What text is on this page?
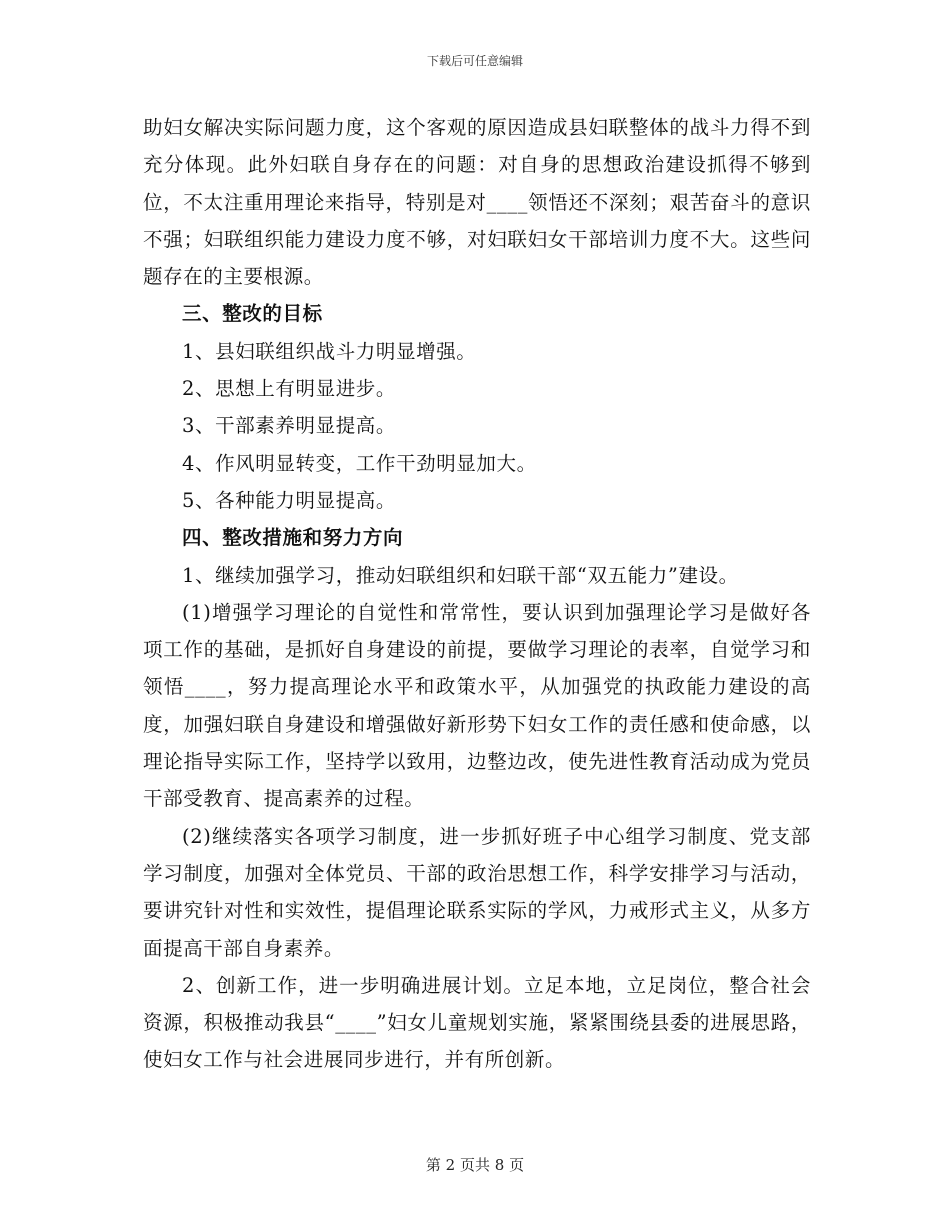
下载后可任意编辑

助妇女解决实际问题力度，这个客观的原因造成县妇联整体的战斗力得不到充分体现。此外妇联自身存在的问题：对自身的思想政治建设抓得不够到位，不太注重用理论来指导，特别是对____领悟还不深刻；艰苦奋斗的意识不强；妇联组织能力建设力度不够，对妇联妇女干部培训力度不大。这些问题存在的主要根源。

三、整改的目标

1、县妇联组织战斗力明显增强。

2、思想上有明显进步。

3、干部素养明显提高。

4、作风明显转变，工作干劲明显加大。

5、各种能力明显提高。

四、整改措施和努力方向

1、继续加强学习，推动妇联组织和妇联干部“双五能力”建设。

(1)增强学习理论的自觉性和常常性，要认识到加强理论学习是做好各项工作的基础，是抓好自身建设的前提，要做学习理论的表率，自觉学习和领悟____，努力提高理论水平和政策水平，从加强党的执政能力建设的高度，加强妇联自身建设和增强做好新形势下妇女工作的责任感和使命感，以理论指导实际工作，坚持学以致用，边整边改，使先进性教育活动成为党员干部受教育、提高素养的过程。

(2)继续落实各项学习制度，进一步抓好班子中心组学习制度、党支部学习制度，加强对全体党员、干部的政治思想工作，科学安排学习与活动，要讲究针对性和实效性，提倡理论联系实际的学风，力戒形式主义，从多方面提高干部自身素养。

2、创新工作，进一步明确进展计划。立足本地，立足岗位，整合社会资源，积极推动我县“____”妇女儿童规划实施，紧紧围绕县委的进展思路，使妇女工作与社会进展同步进行，并有所创新。

第 2 页共 8 页
